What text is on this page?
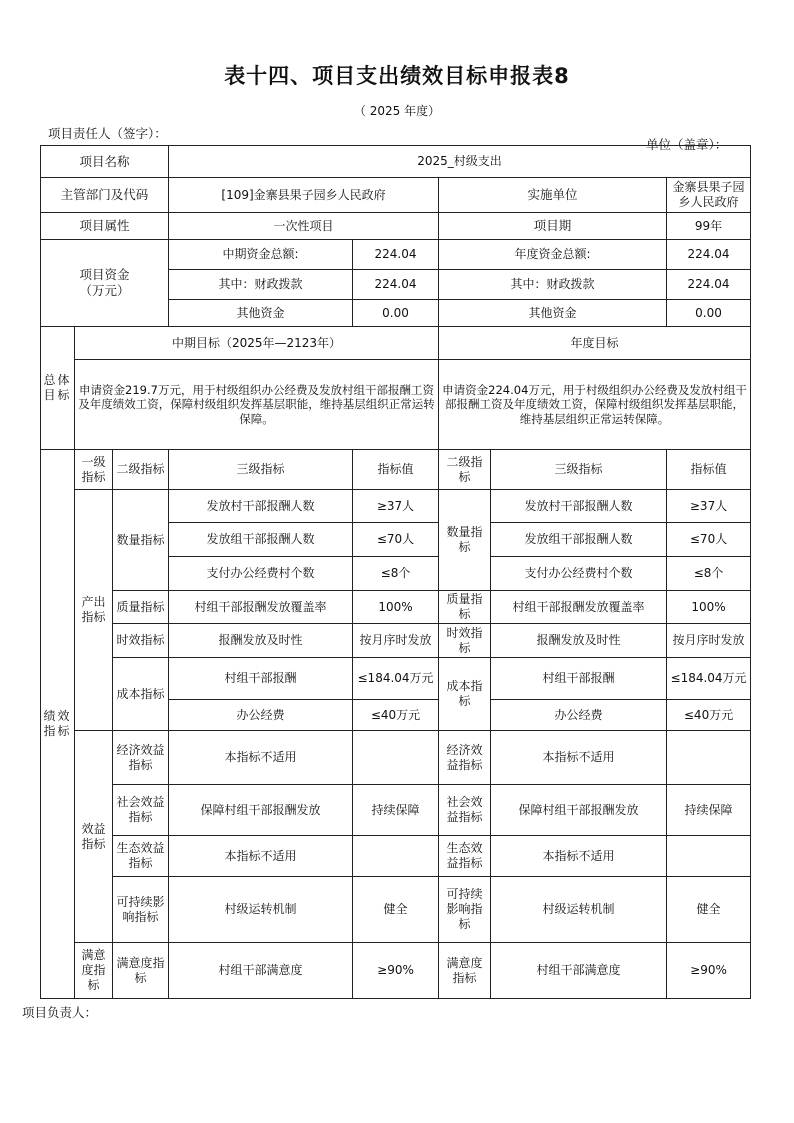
表十四、项目支出绩效目标申报表8
（ 2025 年度）
项目责任人（签字）：
单位（盖章）：
项目名称			2025_村级支出				
主管部门及代码			[109]金寨县果子园乡人民政府		实施单位		金寨县果子园乡人民政府
项目属性			一次性项目		项目期		99年

项目资金
（万元）			中期资金总额:	224.04	年度资金总额:		224.04
			其中：财政拨款	224.04	其中：财政拨款		224.04
			其他资金	0.00	其他资金		0.00
总体目标	中期目标（2025年—2123年）				年度目标		
	申请资金219.7万元，用于村级组织办公经费及发放村组干部报酬工资及年度绩效工资，保障村级组织发挥基层职能，维持基层组织正常运转保障。				申请资金224.04万元，用于村级组织办公经费及发放村组干部报酬工资及年度绩效工资，保障村级组织发挥基层职能，维持基层组织正常运转保障。		
绩效指标	一级指标	二级指标	三级指标	指标值	二级指标	三级指标	指标值
	产出指标	数量指标	发放村干部报酬人数	≥37人	数量指标	发放村干部报酬人数	≥37人
			发放组干部报酬人数	≤70人		发放组干部报酬人数	≤70人
			支付办公经费村个数	≤8个		支付办公经费村个数	≤8个
		质量指标	村组干部报酬发放覆盖率	100%	质量指标	村组干部报酬发放覆盖率	100%
		时效指标	报酬发放及时性	按月序时发放	时效指标	报酬发放及时性	按月序时发放
		成本指标	村组干部报酬	≤184.04万元	成本指标	村组干部报酬	≤184.04万元
			办公经费	≤40万元		办公经费	≤40万元
	效益指标	经济效益指标	本指标不适用		经济效益指标	本指标不适用	
		社会效益指标	保障村组干部报酬发放	持续保障	社会效益指标	保障村组干部报酬发放	持续保障
		生态效益指标	本指标不适用		生态效益指标	本指标不适用	
		可持续影响指标	村级运转机制	健全	可持续影响指标	村级运转机制	健全
	满意度指标	满意度指标	村组干部满意度	≥90%	满意度指标	村组干部满意度	≥90%
项目负责人：
